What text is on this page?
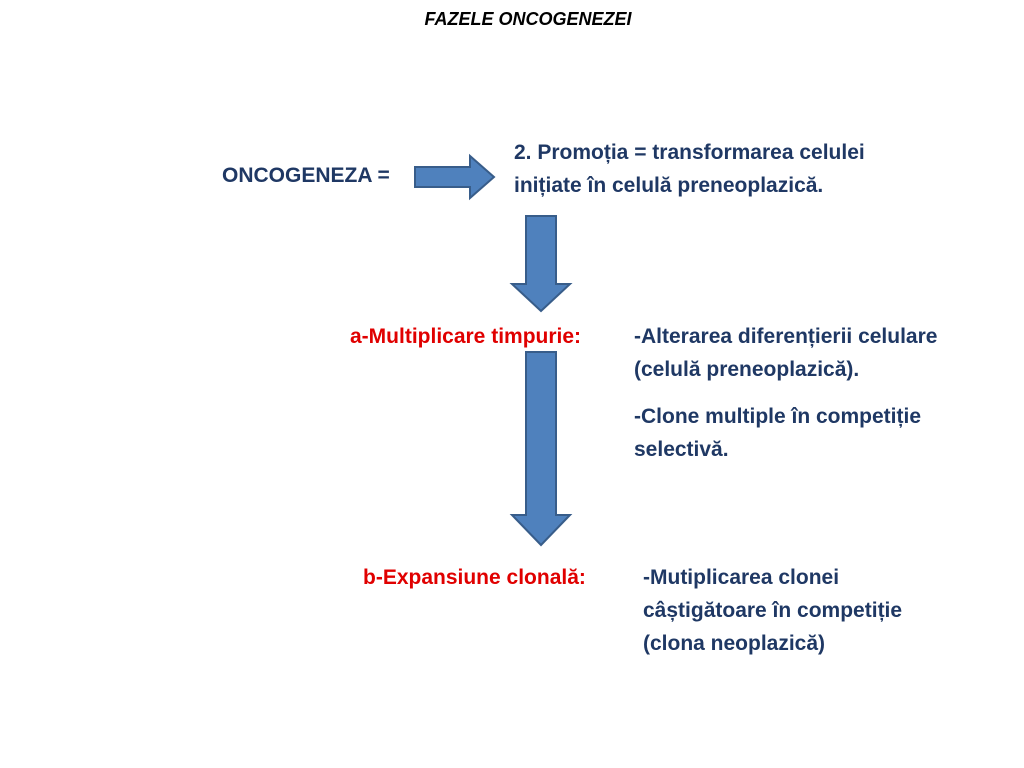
FAZELE ONCOGENEZEI
ONCOGENEZA =
2. Promoția = transformarea celulei
inițiate în celulă preneoplazică.
a-Multiplicare timpurie:	-Alterarea diferențierii celulare
(celulă preneoplazică).
-Clone multiple în competiție
selectivă.
b-Expansiune clonală:	-Mutiplicarea clonei
câștigătoare în competiție
(clona neoplazică)
